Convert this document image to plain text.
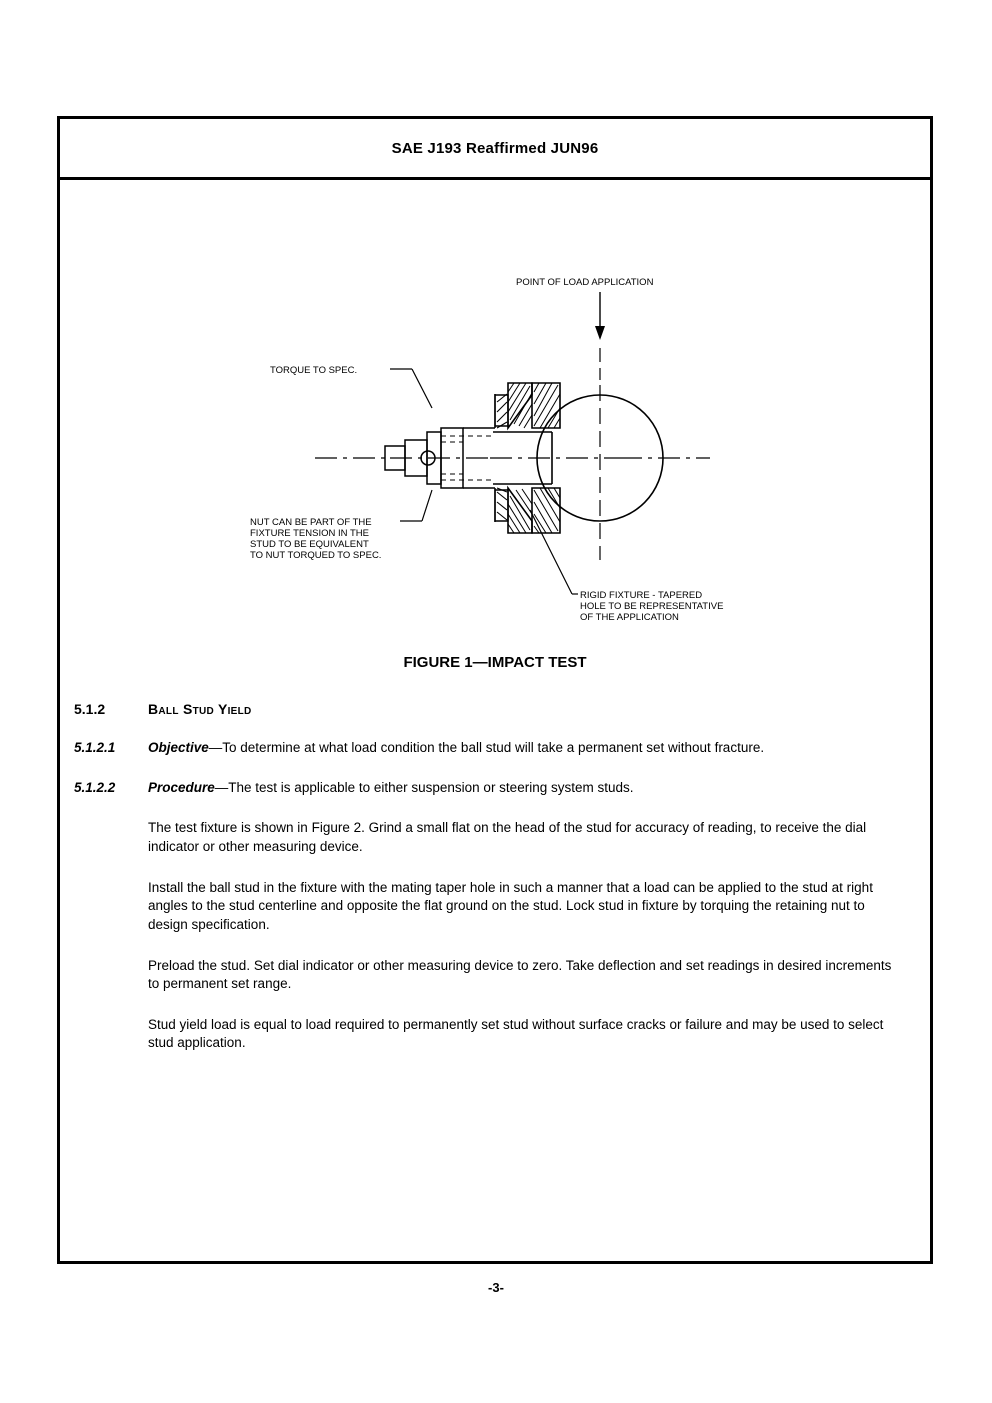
SAE J193 Reaffirmed JUN96
POINT OF LOAD APPLICATION
TORQUE TO SPEC.
NUT CAN BE PART OF THE
FIXTURE TENSION IN THE
STUD TO BE EQUIVALENT
TO NUT TORQUED TO SPEC.
RIGID FIXTURE - TAPERED
HOLE TO BE REPRESENTATIVE
OF THE APPLICATION
FIGURE 1—IMPACT TEST
5.1.2	Ball Stud Yield
5.1.2.1	Objective—To determine at what load condition the ball stud will take a permanent set without fracture.
5.1.2.2	Procedure—The test is applicable to either suspension or steering system studs.
The test fixture is shown in Figure 2. Grind a small flat on the head of the stud for accuracy of reading, to receive the dial indicator or other measuring device.
Install the ball stud in the fixture with the mating taper hole in such a manner that a load can be applied to the stud at right angles to the stud centerline and opposite the flat ground on the stud. Lock stud in fixture by torquing the retaining nut to design specification.
Preload the stud. Set dial indicator or other measuring device to zero. Take deflection and set readings in desired increments to permanent set range.
Stud yield load is equal to load required to permanently set stud without surface cracks or failure and may be used to select stud application.
-3-
